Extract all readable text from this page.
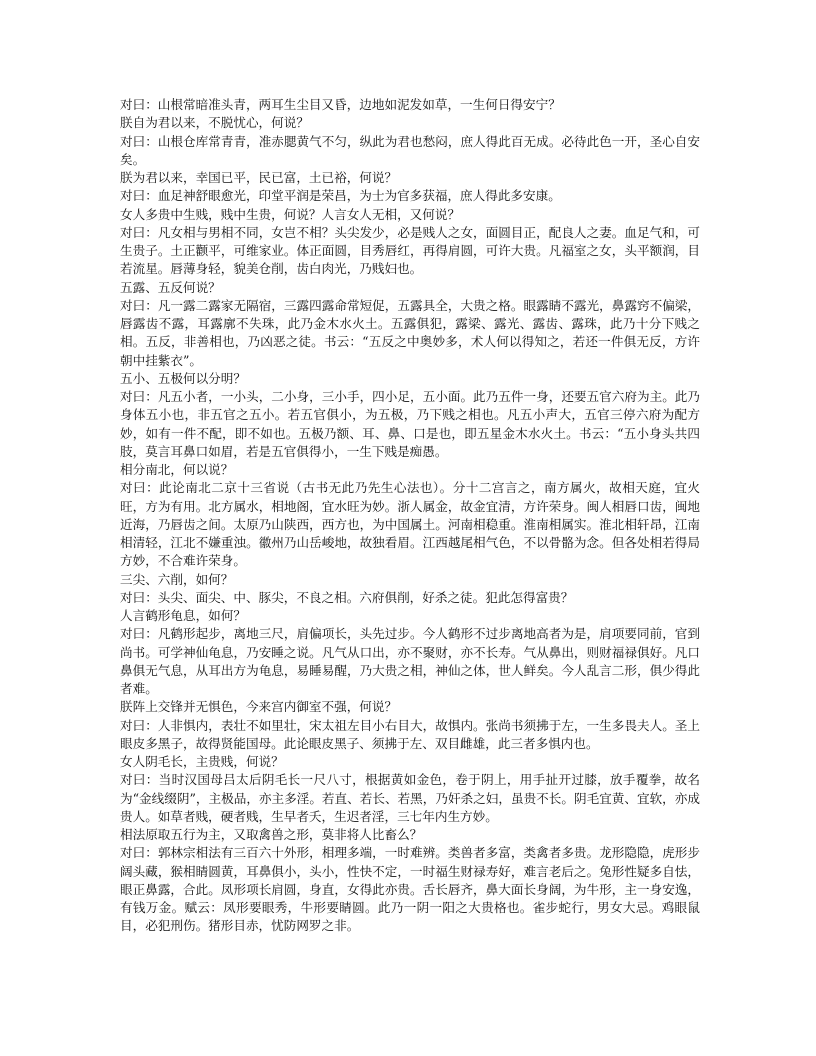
对曰：山根常暗准头青，两耳生尘目又昏，边地如泥发如草，一生何日得安宁？

朕自为君以来，不脱忧心，何说？

对曰：山根仓库常青青，准赤腮黄气不匀，纵此为君也愁闷，庶人得此百无成。必待此色一开，圣心自安矣。

朕为君以来，幸国已平，民已富，土已裕，何说？

对曰：血足神舒眼愈光，印堂平润是荣昌，为士为官多获福，庶人得此多安康。

女人多贵中生贱，贱中生贵，何说？人言女人无相，又何说？

对曰：凡女相与男相不同，女岂不相？头尖发少，必是贱人之女，面圆目正，配良人之妻。血足气和，可生贵子。土正颧平，可维家业。体正面圆，目秀唇红，再得肩圆，可许大贵。凡福室之女，头平额润，目若流星。唇薄身轻，貌美仓削，齿白肉光，乃贱妇也。

五露、五反何说？

对曰：凡一露二露家无隔宿，三露四露命常短促，五露具全，大贵之格。眼露睛不露光，鼻露窍不偏梁，唇露齿不露，耳露廓不失珠，此乃金木水火土。五露俱犯，露梁、露光、露齿、露珠，此乃十分下贱之相。五反，非善相也，乃凶恶之徒。书云：“五反之中奥妙多，术人何以得知之，若还一件俱无反，方许朝中挂紫衣”。

五小、五极何以分明？

对曰：凡五小者，一小头，二小身，三小手，四小足，五小面。此乃五件一身，还要五官六府为主。此乃身体五小也，非五官之五小。若五官俱小，为五极，乃下贱之相也。凡五小声大，五官三停六府为配方妙，如有一件不配，即不如也。五极乃额、耳、鼻、口是也，即五星金木水火土。书云：“五小身头共四肢，莫言耳鼻口如眉，若是五官俱得小，一生下贱是痴愚。

相分南北，何以说？

对曰：此论南北二京十三省说（古书无此乃先生心法也）。分十二宫言之，南方属火，故相天庭，宜火旺，方为有用。北方属水，相地阁，宜水旺为妙。浙人属金，故金宜清，方许荣身。闽人相唇口齿，闽地近海，乃唇齿之间。太原乃山陕西，西方也，为中国属土。河南相稳重。淮南相属实。淮北相轩昂，江南相清轻，江北不嫌重浊。徽州乃山岳峻地，故独看眉。江西越尾相气色，不以骨骼为念。但各处相若得局方妙，不合难许荣身。

三尖、六削，如何？

对曰：头尖、面尖、中、豚尖，不良之相。六府俱削，好杀之徒。犯此怎得富贵？

人言鹤形龟息，如何？

对曰：凡鹤形起步，离地三尺，肩偏项长，头先过步。今人鹤形不过步离地高者为是，肩项要同前，官到尚书。可学神仙龟息，乃安睡之说。凡气从口出，亦不聚财，亦不长寿。气从鼻出，则财福禄俱好。凡口鼻俱无气息，从耳出方为龟息，易睡易醒，乃大贵之相，神仙之体，世人鲜矣。今人乱言二形，俱少得此者难。

朕阵上交锋并无惧色，今来宫内御室不强，何说？

对曰：人非惧内，表壮不如里壮，宋太祖左目小右目大，故惧内。张尚书须拂于左，一生多畏夫人。圣上眼皮多黑子，故得贤能国母。此论眼皮黑子、须拂于左、双目雌雄，此三者多惧内也。

女人阴毛长，主贵贱，何说？

对曰：当时汉国母吕太后阴毛长一尺八寸，根据黄如金色，卷于阴上，用手扯开过膝，放手覆拳，故名为“金线缀阴”，主极品，亦主多淫。若直、若长、若黑，乃奸杀之妇，虽贵不长。阴毛宜黄、宜软，亦成贵人。如草者贱，硬者贱，生早者夭，生迟者淫，三七年内生方妙。

相法原取五行为主，又取禽兽之形，莫非将人比畜么？

对曰：郭林宗相法有三百六十外形，相理多端，一时难辨。类兽者多富，类禽者多贵。龙形隐隐，虎形步阔头藏，猴相睛圆黄，耳鼻俱小，头小，性快不定，一时福生财禄寿好，难言老后之。兔形性疑多自怯，眼正鼻露，合此。凤形项长肩圆，身直，女得此亦贵。舌长唇齐，鼻大面长身阔，为牛形，主一身安逸，有钱万金。赋云：凤形要眼秀，牛形要睛圆。此乃一阴一阳之大贵格也。雀步蛇行，男女大忌。鸡眼鼠目，必犯刑伤。猪形目赤，忧防网罗之非。
